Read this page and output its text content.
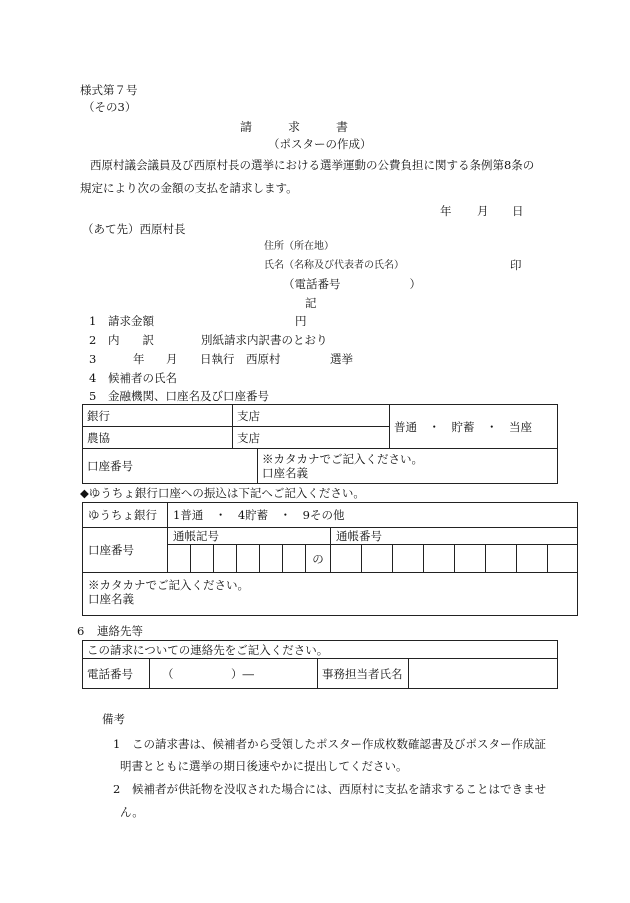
様式第７号
（その3）
請　　　求　　　書
（ポスターの作成）
西原村議会議員及び西原村長の選挙における選挙運動の公費負担に関する条例第8条の
規定により次の金額の支払を請求します。
年 月 日
（あて先）西原村長
住所（所在地）
氏名（名称及び代表者の氏名）	印
（電話番号　　　　　　）
記
1 請求金額	円
2 内　　訳	別紙請求内訳書のとおり
3	年 月 日執行 西原村	選挙
4 候補者の氏名
5 金融機関、口座名及び口座番号
銀行	支店		普通　・　貯蓄　・　当座
農協	支店		
口座番号		※カタカナでご記入ください。
口座名義	
◆ゆうちょ銀行口座への振込は下記へご記入ください。
ゆうちょ銀行	1普通　・　4貯蓄　・　9その他														
口座番号	通帳記号							通帳番号							
							の								

※カタカナでご記入ください。
口座名義															
6 連絡先等
この請求についての連絡先をご記入ください。
電話番号	（　　　　　）―	事務担当者氏名	
備考
1 この請求書は、候補者から受領したポスター作成枚数確認書及びポスター作成証
明書とともに選挙の期日後速やかに提出してください。
2 候補者が供託物を没収された場合には、西原村に支払を請求することはできませ
ん。
